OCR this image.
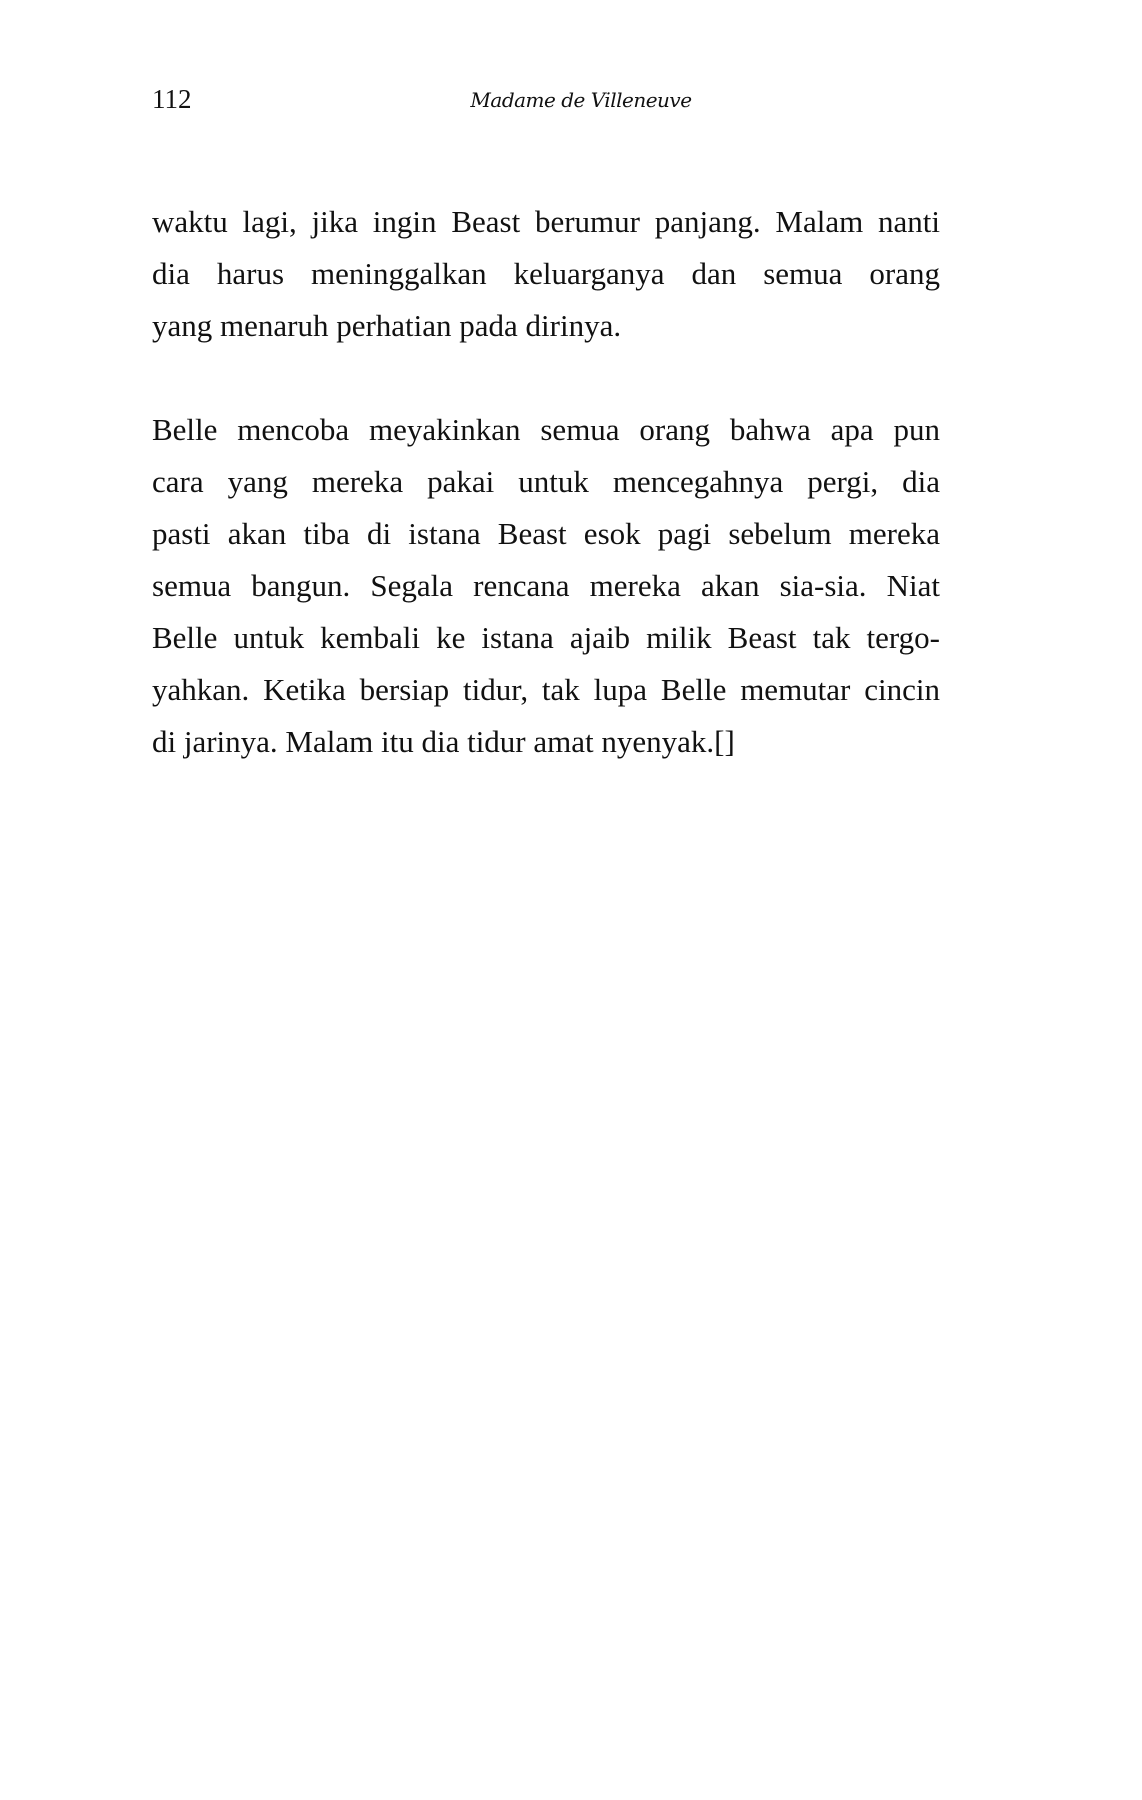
112	Madame de Villeneuve
waktu lagi, jika ingin Beast berumur panjang. Malam nanti
dia harus meninggalkan keluarganya dan semua orang
yang menaruh perhatian pada dirinya.
Belle mencoba meyakinkan semua orang bahwa apa pun
cara yang mereka pakai untuk mencegahnya pergi, dia
pasti akan tiba di istana Beast esok pagi sebelum mereka
semua bangun. Segala rencana mereka akan sia-sia. Niat
Belle untuk kembali ke istana ajaib milik Beast tak tergo-
yahkan. Ketika bersiap tidur, tak lupa Belle memutar cincin
di jarinya. Malam itu dia tidur amat nyenyak.[]
